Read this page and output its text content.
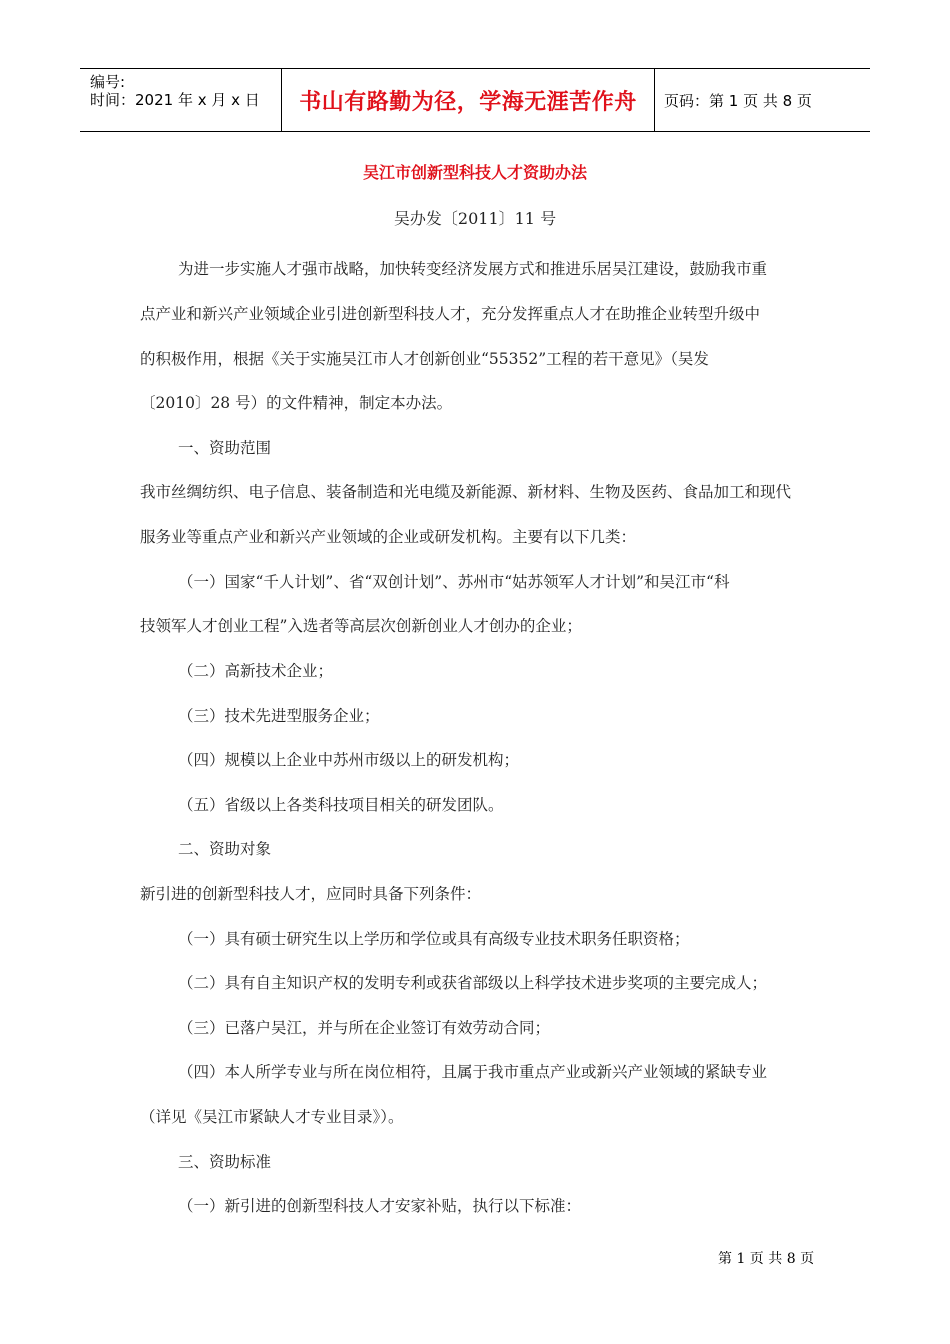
编号:
时间：2021 年 x 月 x 日 书山有路勤为径，学海无涯苦作舟	页码：第 1 页 共 8 页
吴江市创新型科技人才资助办法
吴办发〔2011〕11 号
为进一步实施人才强市战略，加快转变经济发展方式和推进乐居吴江建设，鼓励我市重
点产业和新兴产业领域企业引进创新型科技人才，充分发挥重点人才在助推企业转型升级中
的积极作用，根据《关于实施吴江市人才创新创业“55352”工程的若干意见》（吴发
〔2010〕28 号）的文件精神，制定本办法。
一、资助范围
我市丝绸纺织、电子信息、装备制造和光电缆及新能源、新材料、生物及医药、食品加工和现代
服务业等重点产业和新兴产业领域的企业或研发机构。主要有以下几类：
（一）国家“千人计划”、省“双创计划”、苏州市“姑苏领军人才计划”和吴江市“科
技领军人才创业工程”入选者等高层次创新创业人才创办的企业；
（二）高新技术企业；
（三）技术先进型服务企业；
（四）规模以上企业中苏州市级以上的研发机构；
（五）省级以上各类科技项目相关的研发团队。
二、资助对象
新引进的创新型科技人才，应同时具备下列条件：
（一）具有硕士研究生以上学历和学位或具有高级专业技术职务任职资格；
（二）具有自主知识产权的发明专利或获省部级以上科学技术进步奖项的主要完成人；
（三）已落户吴江，并与所在企业签订有效劳动合同；
（四）本人所学专业与所在岗位相符，且属于我市重点产业或新兴产业领域的紧缺专业
（详见《吴江市紧缺人才专业目录》）。
三、资助标准
（一）新引进的创新型科技人才安家补贴，执行以下标准：
第 1 页 共 8 页
